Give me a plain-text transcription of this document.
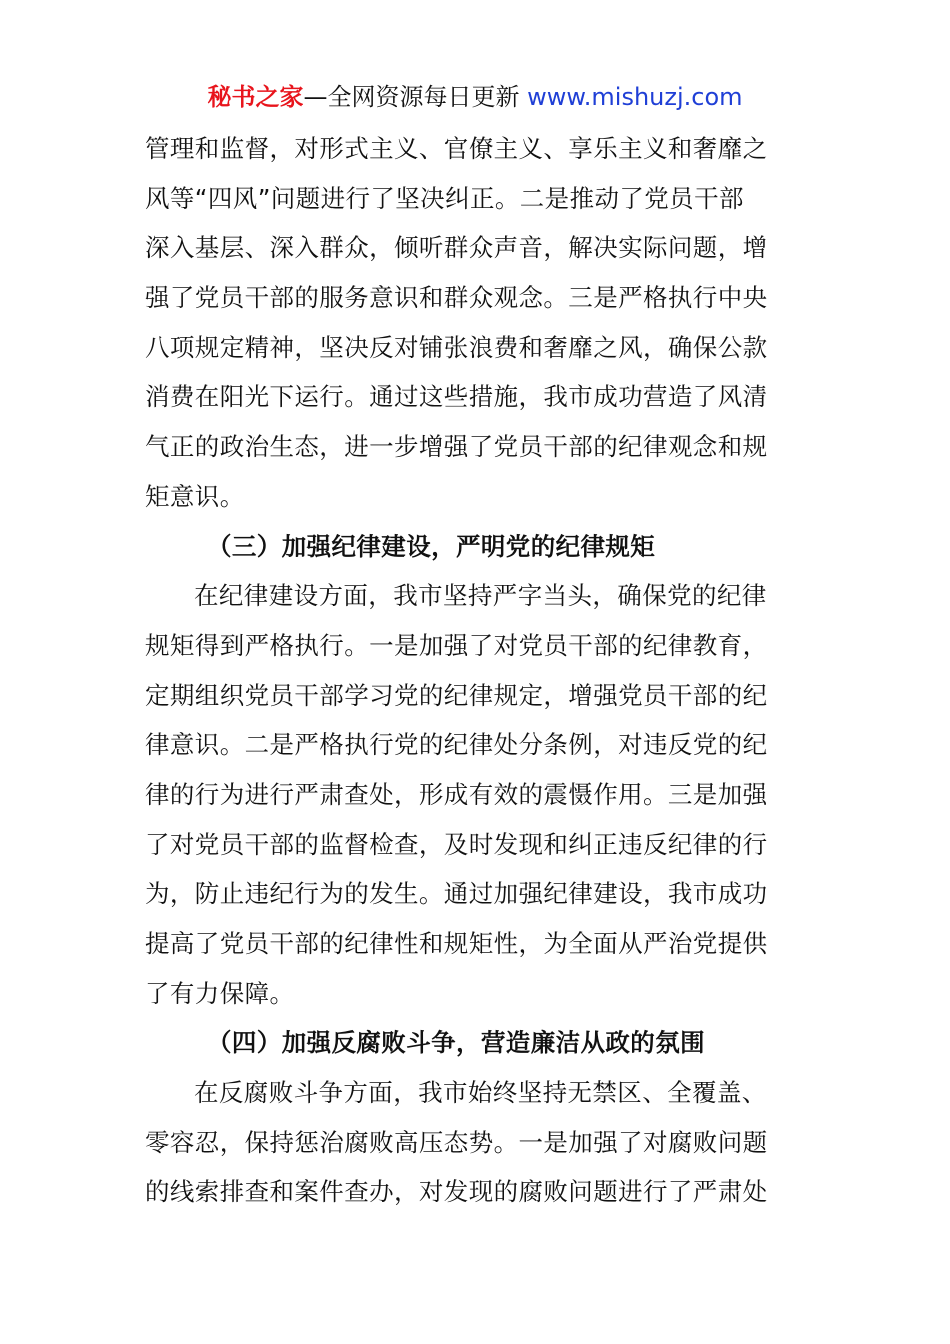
秘书之家—全网资源每日更新 www.mishuzj.com
管理和监督，对形式主义、官僚主义、享乐主义和奢靡之
风等“四风”问题进行了坚决纠正。二是推动了党员干部
深入基层、深入群众，倾听群众声音，解决实际问题，增
强了党员干部的服务意识和群众观念。三是严格执行中央
八项规定精神，坚决反对铺张浪费和奢靡之风，确保公款
消费在阳光下运行。通过这些措施，我市成功营造了风清
气正的政治生态，进一步增强了党员干部的纪律观念和规
矩意识。
（三）加强纪律建设，严明党的纪律规矩
在纪律建设方面，我市坚持严字当头，确保党的纪律
规矩得到严格执行。一是加强了对党员干部的纪律教育，
定期组织党员干部学习党的纪律规定，增强党员干部的纪
律意识。二是严格执行党的纪律处分条例，对违反党的纪
律的行为进行严肃查处，形成有效的震慑作用。三是加强
了对党员干部的监督检查，及时发现和纠正违反纪律的行
为，防止违纪行为的发生。通过加强纪律建设，我市成功
提高了党员干部的纪律性和规矩性，为全面从严治党提供
了有力保障。
（四）加强反腐败斗争，营造廉洁从政的氛围
在反腐败斗争方面，我市始终坚持无禁区、全覆盖、
零容忍，保持惩治腐败高压态势。一是加强了对腐败问题
的线索排查和案件查办，对发现的腐败问题进行了严肃处
